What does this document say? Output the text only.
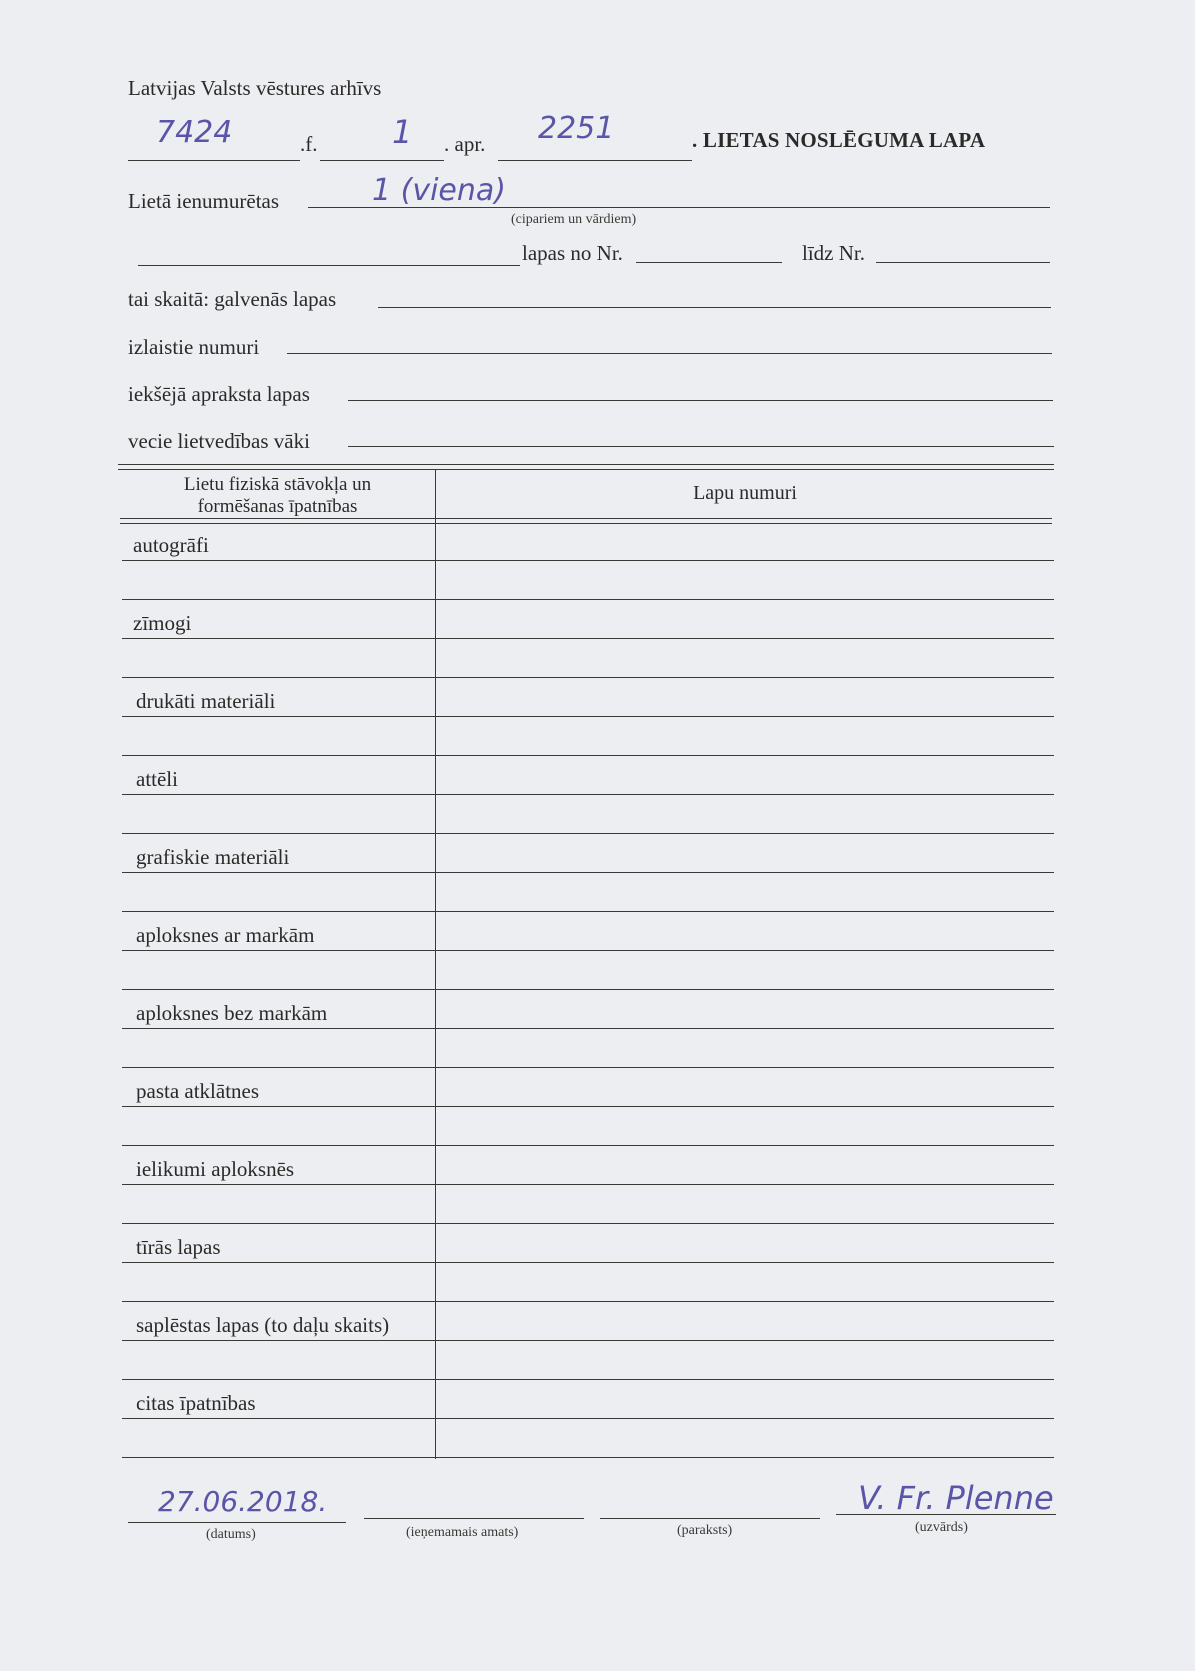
Latvijas Valsts vēstures arhīvs
7424	.f. 1 . apr. 2251	. LIETAS NOSLĒGUMA LAPA
Lietā ienumurētas	1 (viena)
(cipariem un vārdiem)
lapas no Nr.	līdz Nr.
tai skaitā: galvenās lapas
izlaistie numuri
iekšējā apraksta lapas
vecie lietvedības vāki
Lietu fiziskā stāvokļa un formēšanas īpatnības
Lapu numuri
autogrāfi
zīmogi
drukāti materiāli
attēli
grafiskie materiāli
aploksnes ar markām
aploksnes bez markām
pasta atklātnes
ielikumi aploksnēs
tīrās lapas
saplēstas lapas (to daļu skaits)
citas īpatnības
27.06.2018.
(datums)	(ieņemamais amats)	(paraksts)
V. Fr. Plenne
(uzvārds)
